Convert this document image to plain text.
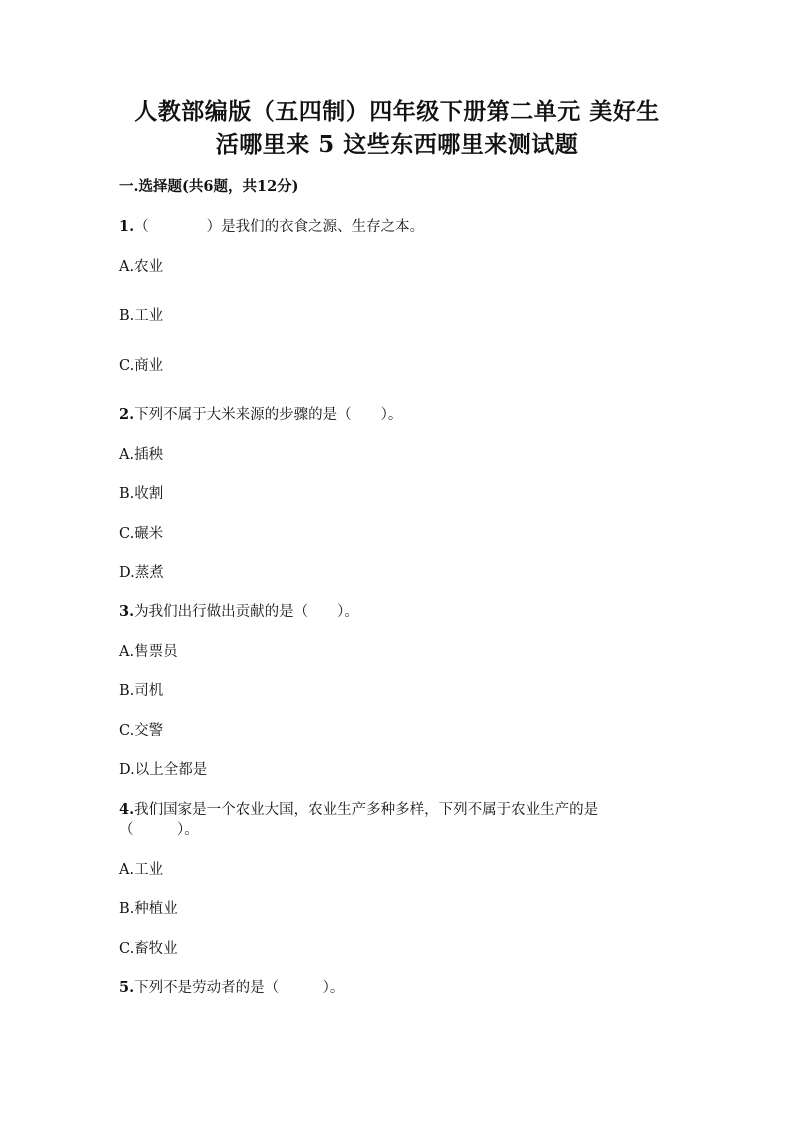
人教部编版（五四制）四年级下册第二单元 美好生
活哪里来 5 这些东西哪里来测试题
一.选择题(共6题，共12分)
1.（　　　　）是我们的衣食之源、生存之本。
A.农业
B.工业
C.商业
2.下列不属于大米来源的步骤的是（　　）。
A.插秧
B.收割
C.碾米
D.蒸煮
3.为我们出行做出贡献的是（　　）。
A.售票员
B.司机
C.交警
D.以上全都是
4.我们国家是一个农业大国，农业生产多种多样，下列不属于农业生产的是
（　　　）。
A.工业
B.种植业
C.畜牧业
5.下列不是劳动者的是（　　　）。
